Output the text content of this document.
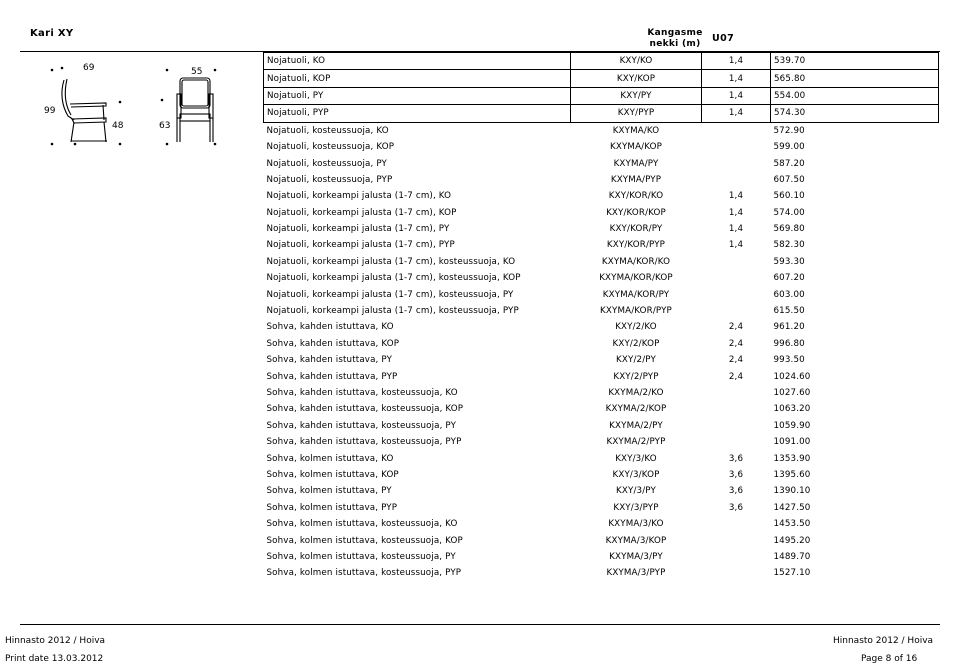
Kari XY	Kangasme nekki (m)	U07
69
99
48
55
63
Nojatuoli, KO	KXY/KO	1,4	539.70
Nojatuoli, KOP	KXY/KOP	1,4	565.80
Nojatuoli, PY	KXY/PY	1,4	554.00
Nojatuoli, PYP	KXY/PYP	1,4	574.30
Nojatuoli, kosteussuoja, KO	KXYMA/KO		572.90
Nojatuoli, kosteussuoja, KOP	KXYMA/KOP		599.00
Nojatuoli, kosteussuoja, PY	KXYMA/PY		587.20
Nojatuoli, kosteussuoja, PYP	KXYMA/PYP		607.50
Nojatuoli, korkeampi jalusta (1-7 cm), KO	KXY/KOR/KO	1,4	560.10
Nojatuoli, korkeampi jalusta (1-7 cm), KOP	KXY/KOR/KOP	1,4	574.00
Nojatuoli, korkeampi jalusta (1-7 cm), PY	KXY/KOR/PY	1,4	569.80
Nojatuoli, korkeampi jalusta (1-7 cm), PYP	KXY/KOR/PYP	1,4	582.30
Nojatuoli, korkeampi jalusta (1-7 cm), kosteussuoja, KO	KXYMA/KOR/KO		593.30
Nojatuoli, korkeampi jalusta (1-7 cm), kosteussuoja, KOP	KXYMA/KOR/KOP		607.20
Nojatuoli, korkeampi jalusta (1-7 cm), kosteussuoja, PY	KXYMA/KOR/PY		603.00
Nojatuoli, korkeampi jalusta (1-7 cm), kosteussuoja, PYP	KXYMA/KOR/PYP		615.50
Sohva, kahden istuttava, KO	KXY/2/KO	2,4	961.20
Sohva, kahden istuttava, KOP	KXY/2/KOP	2,4	996.80
Sohva, kahden istuttava, PY	KXY/2/PY	2,4	993.50
Sohva, kahden istuttava, PYP	KXY/2/PYP	2,4	1024.60
Sohva, kahden istuttava, kosteussuoja, KO	KXYMA/2/KO		1027.60
Sohva, kahden istuttava, kosteussuoja, KOP	KXYMA/2/KOP		1063.20
Sohva, kahden istuttava, kosteussuoja, PY	KXYMA/2/PY		1059.90
Sohva, kahden istuttava, kosteussuoja, PYP	KXYMA/2/PYP		1091.00
Sohva, kolmen istuttava, KO	KXY/3/KO	3,6	1353.90
Sohva, kolmen istuttava, KOP	KXY/3/KOP	3,6	1395.60
Sohva, kolmen istuttava, PY	KXY/3/PY	3,6	1390.10
Sohva, kolmen istuttava, PYP	KXY/3/PYP	3,6	1427.50
Sohva, kolmen istuttava, kosteussuoja, KO	KXYMA/3/KO		1453.50
Sohva, kolmen istuttava, kosteussuoja, KOP	KXYMA/3/KOP		1495.20
Sohva, kolmen istuttava, kosteussuoja, PY	KXYMA/3/PY		1489.70
Sohva, kolmen istuttava, kosteussuoja, PYP	KXYMA/3/PYP		1527.10
Hinnasto 2012 / Hoiva	Hinnasto 2012 / Hoiva
Print date 13.03.2012	Page 8 of 16
